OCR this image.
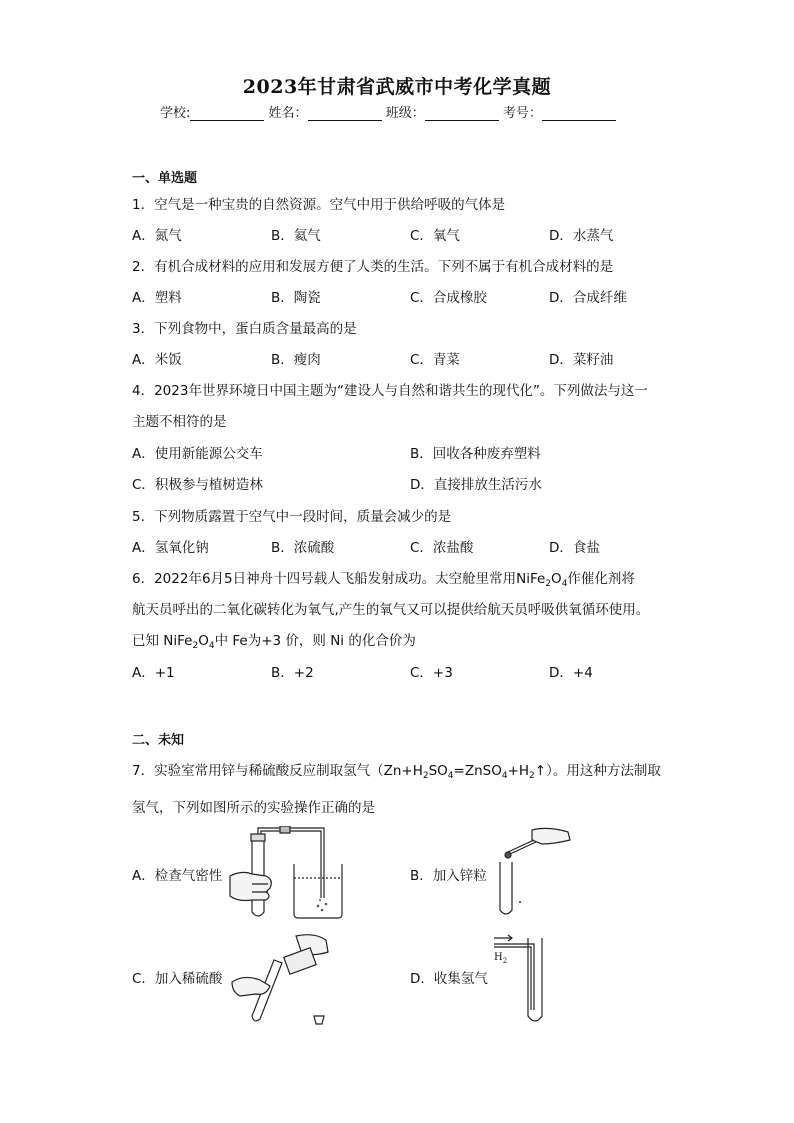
2023年甘肃省武威市中考化学真题
学校:	姓名：	班级：	考号：
一、单选题
1．空气是一种宝贵的自然资源。空气中用于供给呼吸的气体是
A．氮气	B．氦气	C．氧气	D．水蒸气
2．有机合成材料的应用和发展方便了人类的生活。下列不属于有机合成材料的是
A．塑料	B．陶瓷	C．合成橡胶	D．合成纤维
3．下列食物中，蛋白质含量最高的是
A．米饭	B．瘦肉	C．青菜	D．菜籽油
4．2023年世界环境日中国主题为“建设人与自然和谐共生的现代化”。下列做法与这一
主题不相符的是
A．使用新能源公交车	B．回收各种废弃塑料
C．积极参与植树造林	D．直接排放生活污水
5．下列物质露置于空气中一段时间，质量会减少的是
A．氢氧化钠	B．浓硫酸	C．浓盐酸	D．食盐
6．2022年6月5日神舟十四号载人飞船发射成功。太空舱里常用$NiFe_2O_4$作催化剂将
航天员呼出的二氧化碳转化为氧气,产生的氧气又可以提供给航天员呼吸供氧循环使用。
已知 $NiFe_2O_4$中 Fe为+3 价，则 Ni 的化合价为
A．+1	B．+2	C．+3	D．+4
二、未知
7．实验室常用锌与稀硫酸反应制取氢气$(Zn+H_2SO_4=ZnSO_4+H_2↑)$。用这种方法制取
氢气，下列如图所示的实验操作正确的是
A．检查气密性	B．加入锌粒
C．加入稀硫酸	D．收集氢气
$H_2$
